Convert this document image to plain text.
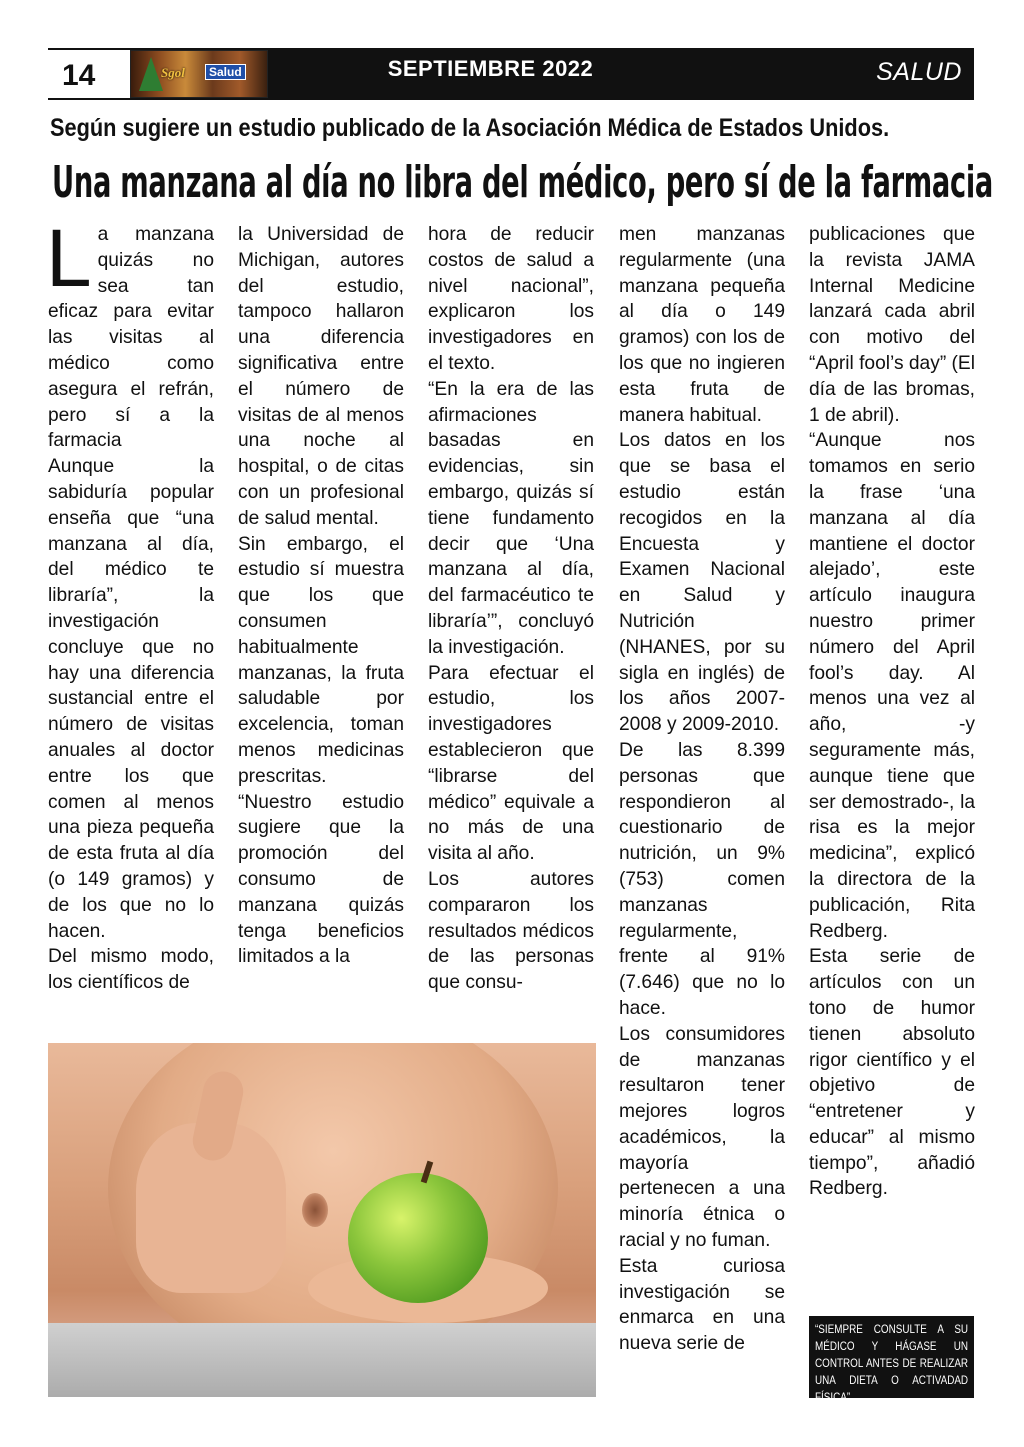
14	Sgol	Salud	SEPTIEMBRE 2022	SALUD
Según sugiere un estudio publicado de la Asociación Médica de Estados Unidos.
Una manzana al día no libra del médico, pero sí de la farmacia

La manzana quizás no sea tan eficaz para evitar las visitas al médico como asegura el refrán, pero sí a la farmacia

Aunque la sabiduría popular enseña que “una manzana al día, del médico te libraría”, la investigación concluye que no hay una diferencia sustancial entre el número de visitas anuales al doctor entre los que comen al menos una pieza pequeña de esta fruta al día (o 149 gramos) y de los que no lo hacen.

Del mismo modo, los científicos de

la Universidad de Michigan, autores del estudio, tampoco hallaron una diferencia significativa entre el número de visitas de al menos una noche al hospital, o de citas con un profesional de salud mental.

Sin embargo, el estudio sí muestra que los que consumen habitualmente manzanas, la fruta saludable por excelencia, toman menos medicinas prescritas.

“Nuestro estudio sugiere que la promoción del consumo de manzana quizás tenga beneficios limitados a la

hora de reducir costos de salud a nivel nacional”, explicaron los investigadores en el texto.

“En la era de las afirmaciones basadas en evidencias, sin embargo, quizás sí tiene fundamento decir que ‘Una manzana al día, del farmacéutico te libraría’”, concluyó la investigación.

Para efectuar el estudio, los investigadores establecieron que “librarse del médico” equivale a no más de una visita al año.

Los autores compararon los resultados médicos de las personas que consu-

men manzanas regularmente (una manzana pequeña al día o 149 gramos) con los de los que no ingieren esta fruta de manera habitual.

Los datos en los que se basa el estudio están recogidos en la Encuesta y Examen Nacional en Salud y Nutrición (NHANES, por su sigla en inglés) de los años 2007-2008 y 2009-2010.

De las 8.399 personas que respondieron al cuestionario de nutrición, un 9% (753) comen manzanas regularmente, frente al 91% (7.646) que no lo hace.

Los consumidores de manzanas resultaron tener mejores logros académicos, la mayoría pertenecen a una minoría étnica o racial y no fuman.

Esta curiosa investigación se enmarca en una nueva serie de

publicaciones que la revista JAMA Internal Medicine lanzará cada abril con motivo del “April fool’s day” (El día de las bromas, 1 de abril).

“Aunque nos tomamos en serio la frase ‘una manzana al día mantiene el doctor alejado’, este artículo inaugura nuestro primer número del April fool’s day. Al menos una vez al año, -y seguramente más, aunque tiene que ser demostrado-, la risa es la mejor medicina”, explicó la directora de la publicación, Rita Redberg.

Esta serie de artículos con un tono de humor tienen absoluto rigor científico y el objetivo de “entretener y educar” al mismo tiempo”, añadió Redberg.

“SIEMPRE CONSULTE A SU MÉDICO Y HÁGASE UN CONTROL ANTES DE REALIZAR UNA DIETA O ACTIVADAD FÍSICA”
